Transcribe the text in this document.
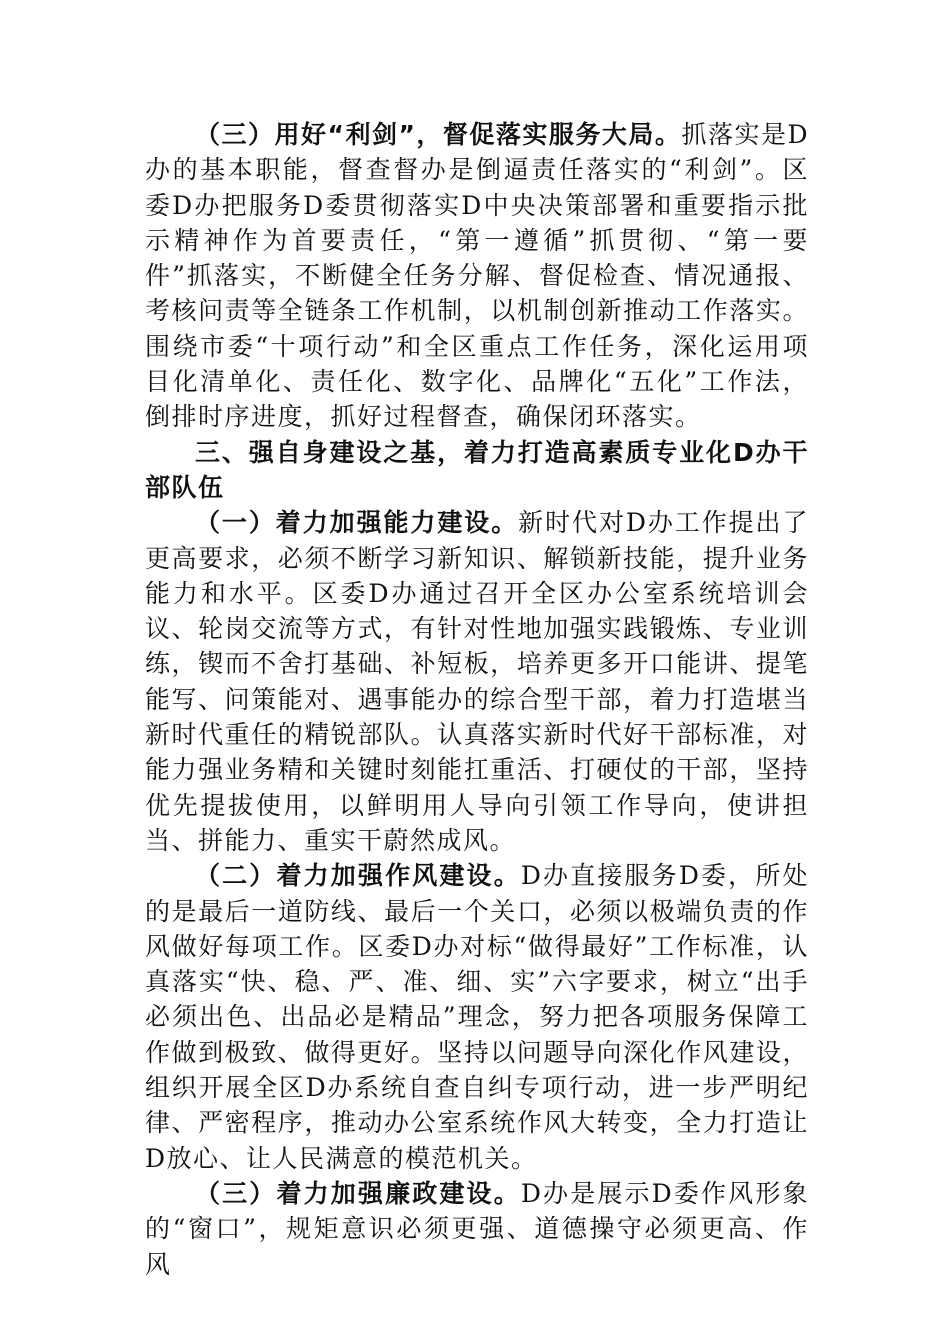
（三）用好“利剑”，督促落实服务大局。抓落实是D办的基本职能，督查督办是倒逼责任落实的“利剑”。区委D办把服务D委贯彻落实D中央决策部署和重要指示批示精神作为首要责任，“第一遵循”抓贯彻、“第一要件”抓落实，不断健全任务分解、督促检查、情况通报、考核问责等全链条工作机制，以机制创新推动工作落实。围绕市委“十项行动”和全区重点工作任务，深化运用项目化清单化、责任化、数字化、品牌化“五化”工作法，倒排时序进度，抓好过程督查，确保闭环落实。

三、强自身建设之基，着力打造高素质专业化D办干部队伍

（一）着力加强能力建设。新时代对D办工作提出了更高要求，必须不断学习新知识、解锁新技能，提升业务能力和水平。区委D办通过召开全区办公室系统培训会议、轮岗交流等方式，有针对性地加强实践锻炼、专业训练，锲而不舍打基础、补短板，培养更多开口能讲、提笔能写、问策能对、遇事能办的综合型干部，着力打造堪当新时代重任的精锐部队。认真落实新时代好干部标准，对能力强业务精和关键时刻能扛重活、打硬仗的干部，坚持优先提拔使用，以鲜明用人导向引领工作导向，使讲担当、拼能力、重实干蔚然成风。

（二）着力加强作风建设。D办直接服务D委，所处的是最后一道防线、最后一个关口，必须以极端负责的作风做好每项工作。区委D办对标“做得最好”工作标准，认真落实“快、稳、严、准、细、实”六字要求，树立“出手必须出色、出品必是精品”理念，努力把各项服务保障工作做到极致、做得更好。坚持以问题导向深化作风建设，组织开展全区D办系统自查自纠专项行动，进一步严明纪律、严密程序，推动办公室系统作风大转变，全力打造让D放心、让人民满意的模范机关。

（三）着力加强廉政建设。D办是展示D委作风形象的“窗口”，规矩意识必须更强、道德操守必须更高、作风
